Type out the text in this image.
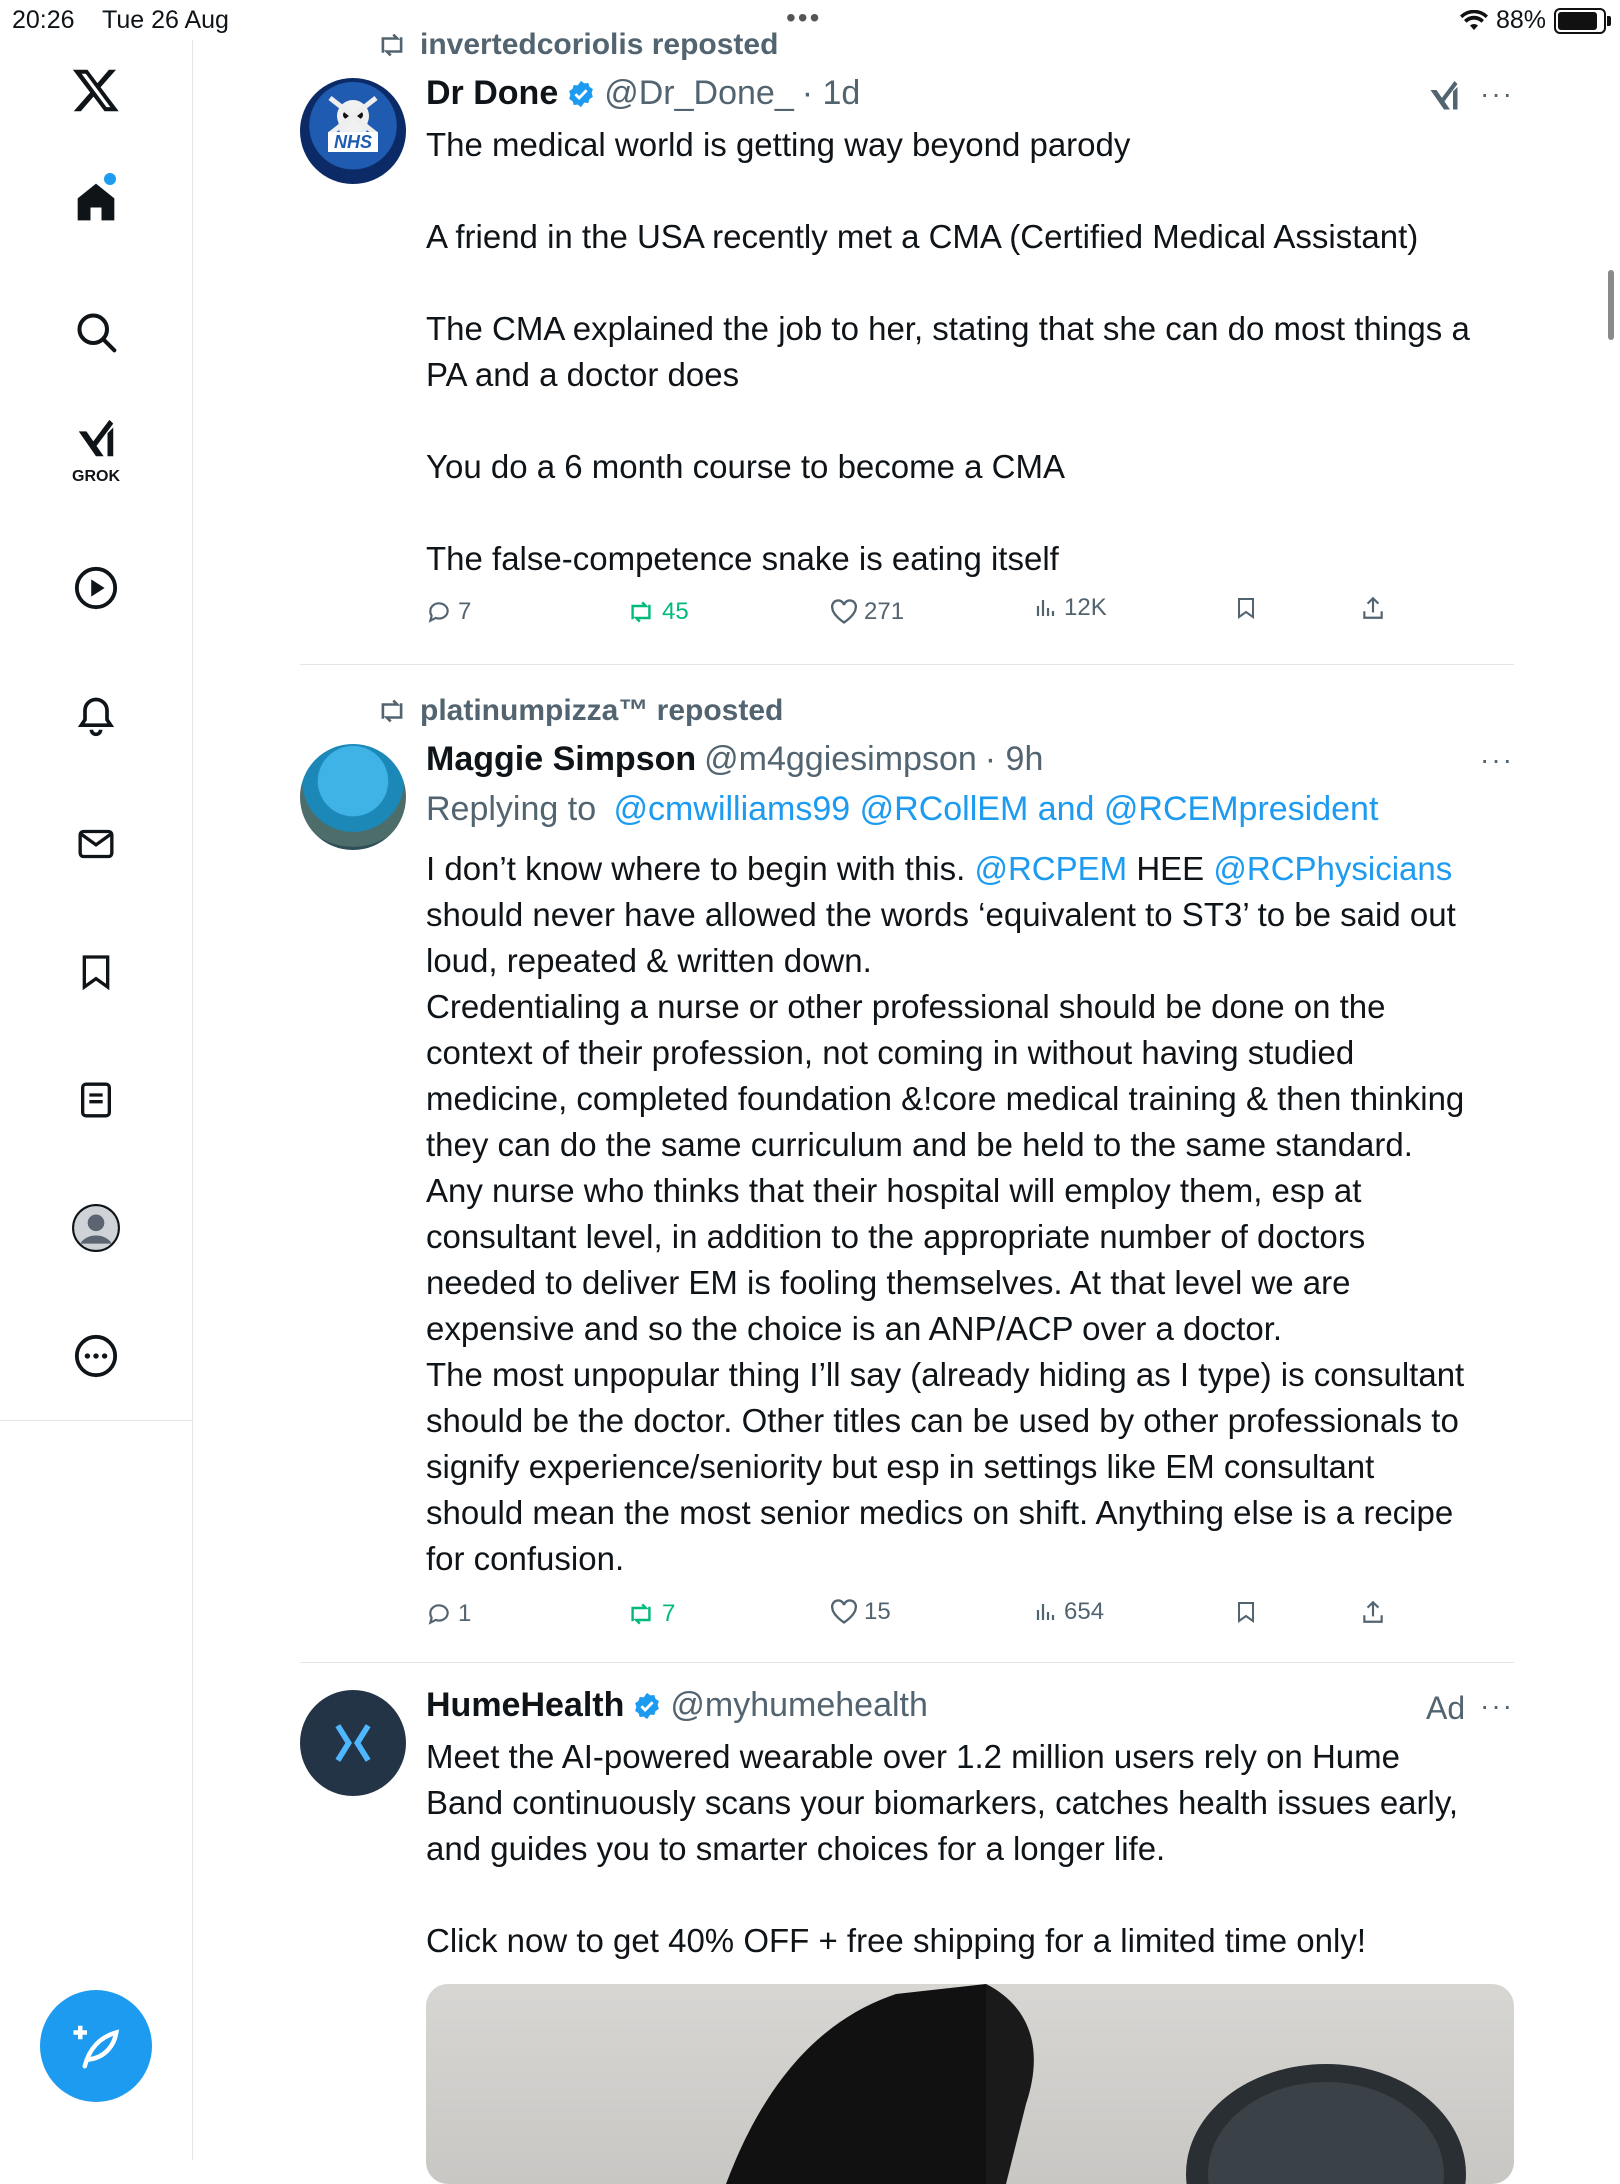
20:26 Tue 26 Aug	•••	88%
GROK
invertedcoriolis reposted
NHS
Dr Done @Dr_Done_ · 1d	···

The medical world is getting way beyond parody

A friend in the USA recently met a CMA (Certified Medical Assistant)

The CMA explained the job to her, stating that she can do most things a

PA and a doctor does

You do a 6 month course to become a CMA

The false-competence snake is eating itself

7	45	271	12K
platinumpizza™ reposted
Maggie Simpson @m4ggiesimpson · 9h	···
Replying to @cmwilliams99 @RCollEM and @RCEMpresident

I don’t know where to begin with this. @RCPEM HEE @RCPhysicians

should never have allowed the words ‘equivalent to ST3’ to be said out

loud, repeated & written down.

Credentialing a nurse or other professional should be done on the

context of their profession, not coming in without having studied

medicine, completed foundation &!core medical training & then thinking

they can do the same curriculum and be held to the same standard.

Any nurse who thinks that their hospital will employ them, esp at

consultant level, in addition to the appropriate number of doctors

needed to deliver EM is fooling themselves. At that level we are

expensive and so the choice is an ANP/ACP over a doctor.

The most unpopular thing I’ll say (already hiding as I type) is consultant

should be the doctor. Other titles can be used by other professionals to

signify experience/seniority but esp in settings like EM consultant

should mean the most senior medics on shift. Anything else is a recipe

for confusion.

1	7	15	654
HumeHealth @myhumehealth	Ad ···

Meet the AI-powered wearable over 1.2 million users rely on Hume

Band continuously scans your biomarkers, catches health issues early,

and guides you to smarter choices for a longer life.

Click now to get 40% OFF + free shipping for a limited time only!
